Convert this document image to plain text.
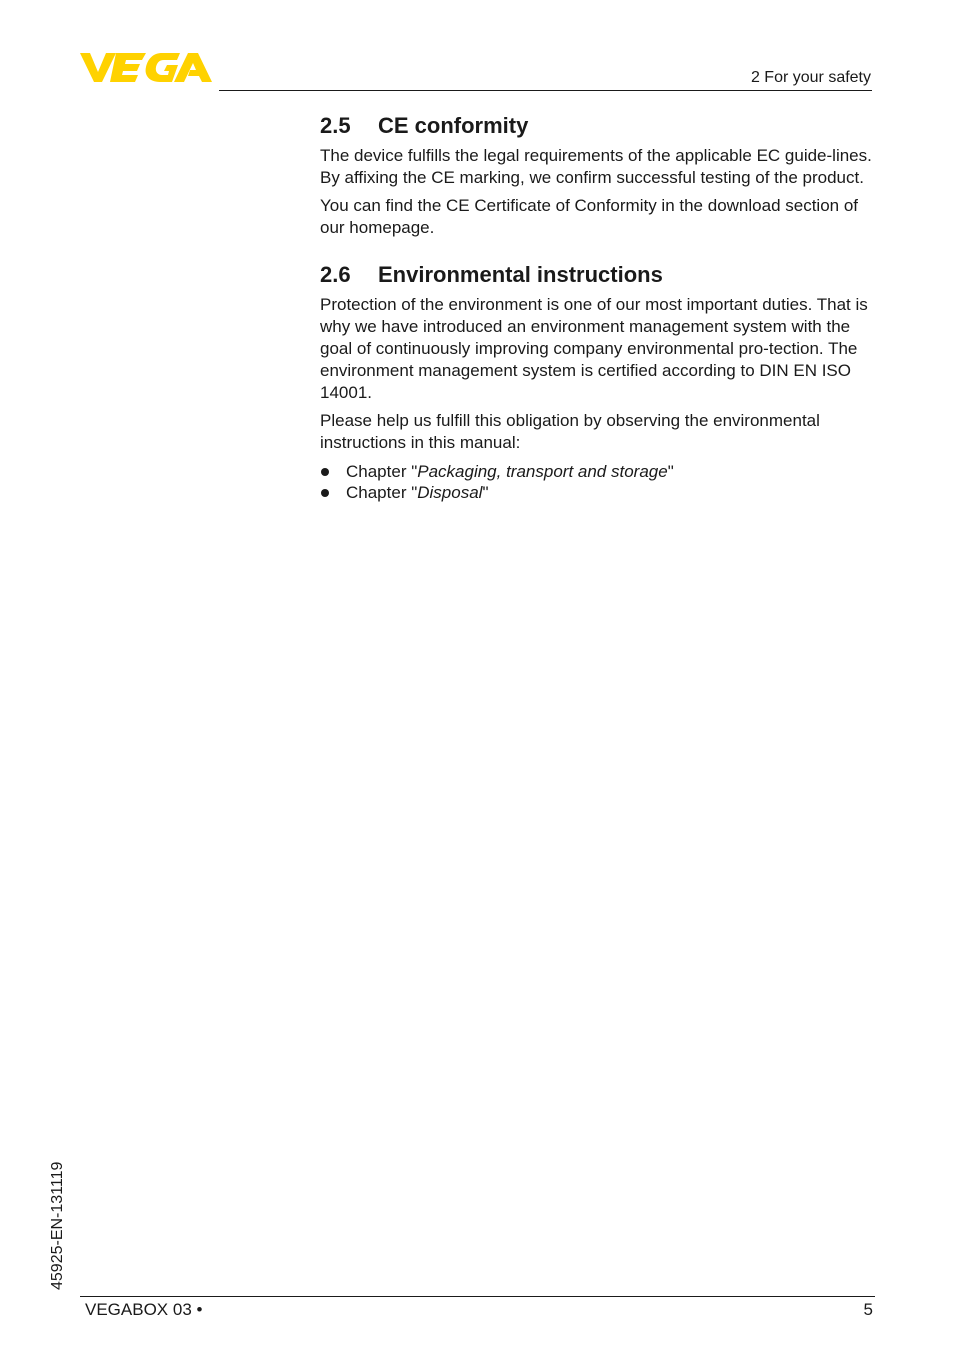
2 For your safety
2.5 CE conformity

The device fulfills the legal requirements of the applicable EC guide-lines. By affixing the CE marking, we confirm successful testing of the product.

You can find the CE Certificate of Conformity in the download section of our homepage.

2.6 Environmental instructions

Protection of the environment is one of our most important duties. That is why we have introduced an environment management system with the goal of continuously improving company environmental pro-tection. The environment management system is certified according to DIN EN ISO 14001.

Please help us fulfill this obligation by observing the environmental instructions in this manual:

Chapter "Packaging, transport and storage"
Chapter "Disposal"
45925-EN-131119
VEGABOX 03 •	5
